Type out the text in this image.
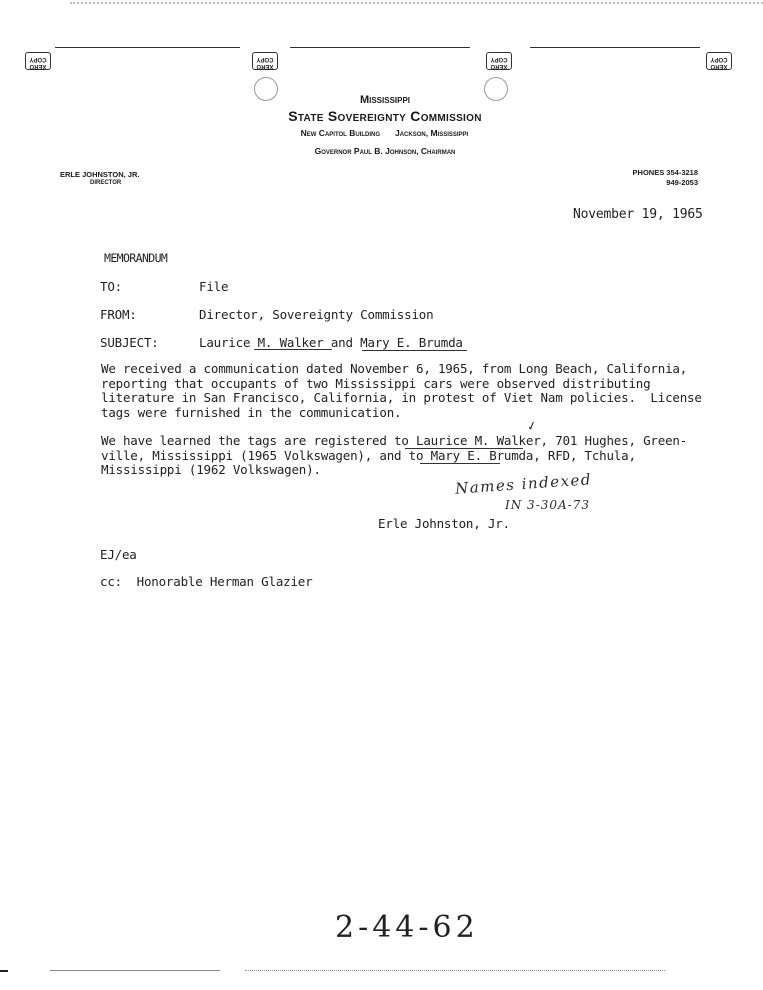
XERO COPY
XERO COPY
XERO COPY
XERO COPY
Mississippi
State Sovereignty Commission
New Capitol Building Jackson, Mississippi
Governor Paul B. Johnson, Chairman
ERLE JOHNSTON, JR.
DIRECTOR
PHONES 354-3218
949-2053
November 19, 1965
MEMORANDUM
TO:	File
FROM:	Director, Sovereignty Commission
SUBJECT:	Laurice M. Walker and Mary E. Brumda
We received a communication dated November 6, 1965, from Long Beach, California,
reporting that occupants of two Mississippi cars were observed distributing
literature in San Francisco, California, in protest of Viet Nam policies.  License
tags were furnished in the communication.
✓
We have learned the tags are registered to Laurice M. Walker, 701 Hughes, Green-
ville, Mississippi (1965 Volkswagen), and to Mary E. Brumda, RFD, Tchula,
Mississippi (1962 Volkswagen).
Names indexed
IN 3-30A-73
Erle Johnston, Jr.
EJ/ea
cc:  Honorable Herman Glazier
2-44-62
